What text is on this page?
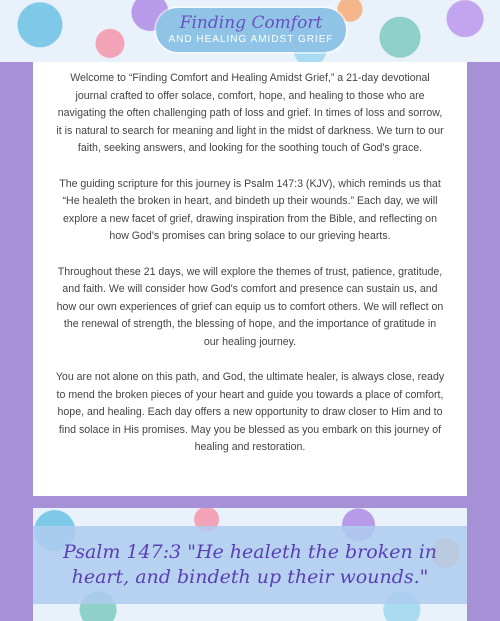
Finding Comfort
AND HEALING AMIDST GRIEF

Welcome to “Finding Comfort and Healing Amidst Grief,” a 21-day devotional journal crafted to offer solace, comfort, hope, and healing to those who are navigating the often challenging path of loss and grief. In times of loss and sorrow, it is natural to search for meaning and light in the midst of darkness. We turn to our faith, seeking answers, and looking for the soothing touch of God's grace.

The guiding scripture for this journey is Psalm 147:3 (KJV), which reminds us that “He healeth the broken in heart, and bindeth up their wounds.” Each day, we will explore a new facet of grief, drawing inspiration from the Bible, and reflecting on how God's promises can bring solace to our grieving hearts.

Throughout these 21 days, we will explore the themes of trust, patience, gratitude, and faith. We will consider how God's comfort and presence can sustain us, and how our own experiences of grief can equip us to comfort others. We will reflect on the renewal of strength, the blessing of hope, and the importance of gratitude in our healing journey.

You are not alone on this path, and God, the ultimate healer, is always close, ready to mend the broken pieces of your heart and guide you towards a place of comfort, hope, and healing. Each day offers a new opportunity to draw closer to Him and to find solace in His promises. May you be blessed as you embark on this journey of healing and restoration.

Psalm 147:3 "He healeth the broken in heart, and bindeth up their wounds."
